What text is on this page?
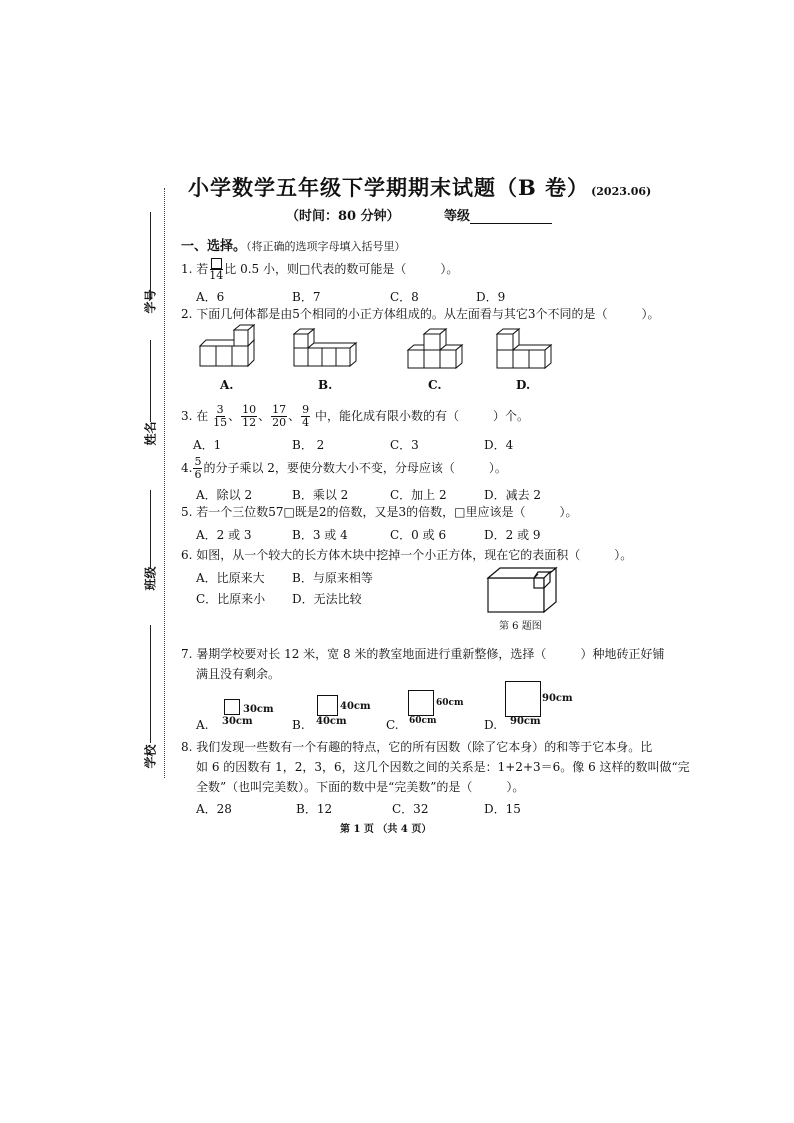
学号
姓名
班级
学校
小学数学五年级下学期期末试题（B 卷） (2023.06)
（时间：80 分钟）	等级
一、选择。（将正确的选项字母填入括号里）
1. 若 14 比 0.5 小，则□代表的数可能是（	）。
A．6	B．7	C．8	D．9
2. 下面几何体都是由5个相同的小正方体组成的。从左面看与其它3个不同的是（	）。
A.	B.	C.	D.
3. 在 $\frac{3}{15}$ 、 $\frac{10}{12}$ 、 $\frac{17}{20}$ 、 $\frac{9}{4}$ 中，能化成有限小数的有（	）个。
A．1	B． 2	C．3	D．4
4. $\frac{5}{6}$ 的分子乘以 2，要使分数大小不变，分母应该（	）。
A．除以 2	B．乘以 2	C．加上 2	D．减去 2
5. 若一个三位数57□既是2的倍数，又是3的倍数，□里应该是（	）。
A．2 或 3	B．3 或 4	C．0 或 6	D．2 或 9
6. 如图，从一个较大的长方体木块中挖掉一个小正方体，现在它的表面积（	）。
A．比原来大 B．与原来相等
C．比原来小 D．无法比较
第 6 题图
7. 暑期学校要对长 12 米，宽 8 米的教室地面进行重新整修，选择（	）种地砖正好铺
满且没有剩余。
A.
30cm
30cm	B.
40cm
40cm	C.
60cm
60cm	D.
90cm
90cm
8. 我们发现一些数有一个有趣的特点，它的所有因数（除了它本身）的和等于它本身。比
如 6 的因数有 1，2，3，6，这几个因数之间的关系是：1+2+3＝6。像 6 这样的数叫做“完
全数”（也叫完美数）。下面的数中是“完美数”的是（	）。
A．28	B．12	C．32	D．15
第 1 页 （共 4 页）
